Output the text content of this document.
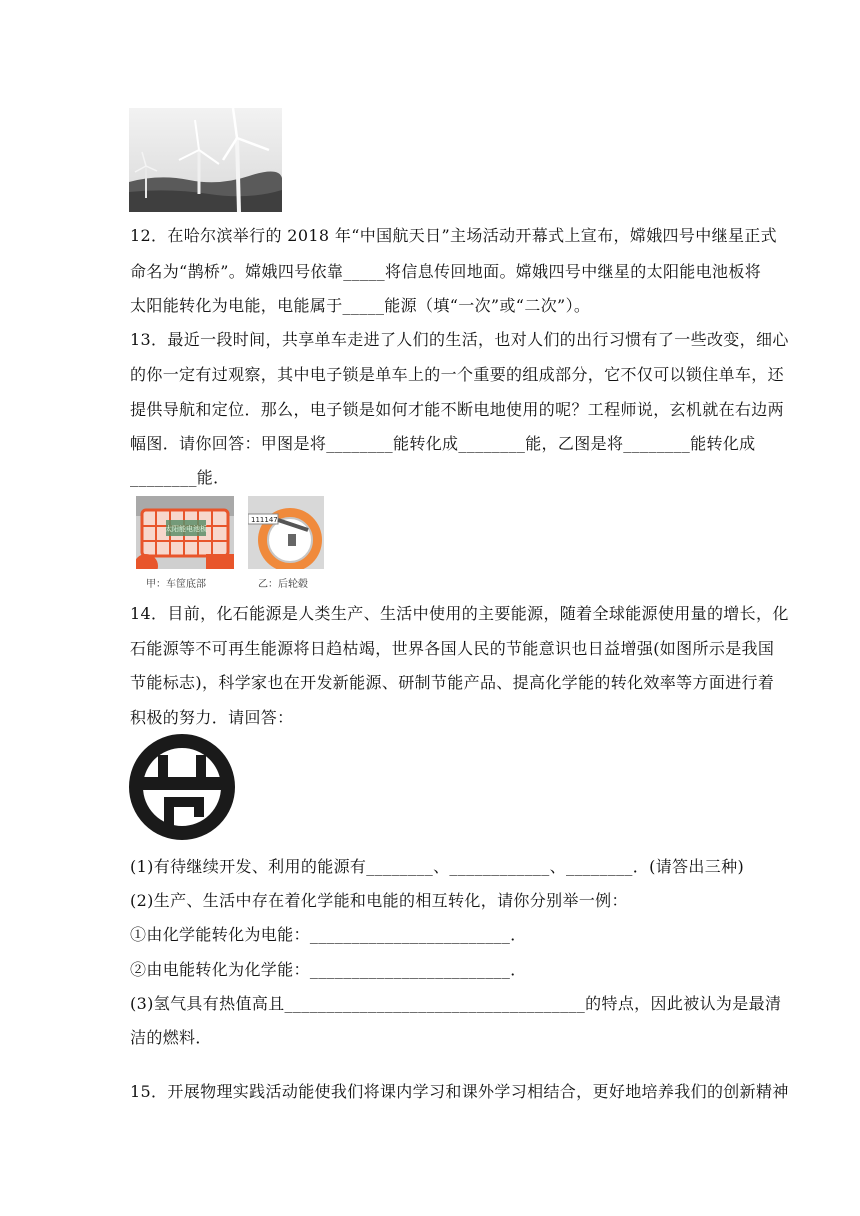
12．在哈尔滨举行的 2018 年“中国航天日”主场活动开幕式上宣布，嫦娥四号中继星正式
命名为“鹊桥”。嫦娥四号依靠_____将信息传回地面。嫦娥四号中继星的太阳能电池板将
太阳能转化为电能，电能属于_____能源（填“一次”或“二次”）。
13．最近一段时间，共享单车走进了人们的生活，也对人们的出行习惯有了一些改变，细心
的你一定有过观察，其中电子锁是单车上的一个重要的组成部分，它不仅可以锁住单车，还
提供导航和定位．那么，电子锁是如何才能不断电地使用的呢？工程师说，玄机就在右边两
幅图．请你回答：甲图是将________能转化成________能，乙图是将________能转化成
________能．
太阳能电池板
甲：车筐底部
111147
乙：后轮毂
14．目前，化石能源是人类生产、生活中使用的主要能源，随着全球能源使用量的增长，化
石能源等不可再生能源将日趋枯竭，世界各国人民的节能意识也日益增强(如图所示是我国
节能标志)，科学家也在开发新能源、研制节能产品、提高化学能的转化效率等方面进行着
积极的努力．请回答：
(1)有待继续开发、利用的能源有________、____________、________．(请答出三种)
(2)生产、生活中存在着化学能和电能的相互转化，请你分别举一例：
①由化学能转化为电能：________________________．
②由电能转化为化学能：________________________．
(3)氢气具有热值高且____________________________________的特点，因此被认为是最清
洁的燃料．
15．开展物理实践活动能使我们将课内学习和课外学习相结合，更好地培养我们的创新精神
